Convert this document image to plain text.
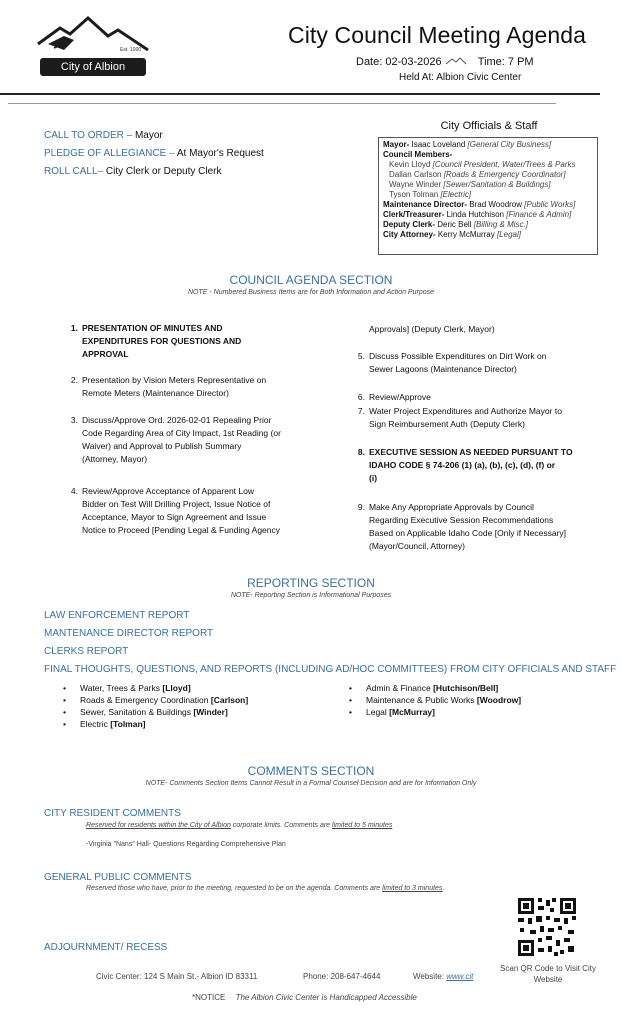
Est. 1000
City of Albion
City Council Meeting Agenda
Date: 02-03-2026	Time: 7 PM
Held At: Albion Civic Center
CALL TO ORDER – Mayor
PLEDGE OF ALLEGIANCE – At Mayor's Request
ROLL CALL– City Clerk or Deputy Clerk
City Officials & Staff
Mayor- Isaac Loveland [General City Business]
Council Members-
Kevin Lloyd [Council President, Water/Trees & Parks
Dallan Carlson [Roads & Emergency Coordinator]
Wayne Winder [Sewer/Sanitation & Buildings]
Tyson Tolman [Electric]
Maintenance Director- Brad Woodrow [Public Works]
Clerk/Treasurer- Linda Hutchison [Finance & Admin]
Deputy Clerk- Deric Bell [Billing & Misc.]
City Attorney- Kerry McMurray [Legal]
COUNCIL AGENDA SECTION
NOTE - Numbered Business Items are for Both Information and Action Purpose
1. PRESENTATION OF MINUTES AND
EXPENDITURES FOR QUESTIONS AND
APPROVAL
2. Presentation by Vision Meters Representative on
Remote Meters (Maintenance Director)
3. Discuss/Approve Ord. 2026-02-01 Repealing Prior
Code Regarding Area of City Impact, 1st Reading (or
Waiver) and Approval to Publish Summary
(Attorney, Mayor)
4. Review/Approve Acceptance of Apparent Low
Bidder on Test Will Drilling Project, Issue Notice of
Acceptance, Mayor to Sign Agreement and Issue
Notice to Proceed [Pending Legal & Funding Agency
Approvals] (Deputy Clerk, Mayor)
5. Discuss Possible Expenditures on Dirt Work on
Sewer Lagoons (Maintenance Director)
6. Review/Approve
7. Water Project Expenditures and Authorize Mayor to
Sign Reimbursement Auth (Deputy Clerk)
8. EXECUTIVE SESSION AS NEEDED PURSUANT TO
IDAHO CODE § 74-206 (1) (a), (b), (c), (d), (f) or
(i)
9. Make Any Appropriate Approvals by Council
Regarding Executive Session Recommendations
Based on Applicable Idaho Code [Only if Necessary]
(Mayor/Council, Attorney)
REPORTING SECTION
NOTE- Reporting Section is Informational Purposes
LAW ENFORCEMENT REPORT
MANTENANCE DIRECTOR REPORT
CLERKS REPORT
FINAL THOUGHTS, QUESTIONS, AND REPORTS (INCLUDING AD/HOC COMMITTEES) FROM CITY OFFICIALS AND STAFF
• Water, Trees & Parks [Lloyd]
• Roads & Emergency Coordination [Carlson]
• Sewer, Sanitation & Buildings [Winder]
• Electric [Tolman]
• Admin & Finance [Hutchison/Bell]
• Maintenance & Public Works [Woodrow]
• Legal [McMurray]
COMMENTS SECTION
NOTE- Comments Section Items Cannot Result in a Formal Counsel Decision and are for Information Only
CITY RESIDENT COMMENTS
Reserved for residents within the City of Albion corporate limits. Comments are limited to 5 minutes
-Virginia "Nans" Hall- Questions Regarding Comprehensive Plan
GENERAL PUBLIC COMMENTS
Reserved those who have, prior to the meeting, requested to be on the agenda. Comments are limited to 3 minutes.
ADJOURNMENT/ RECESS
Scan QR Code to Visit City
Website
Civic Center: 124 S Main St.- Albion ID 83311	Phone: 208-647-4644	Website: www.cit
*NOTICE The Albion Civic Center is Handicapped Accessible
